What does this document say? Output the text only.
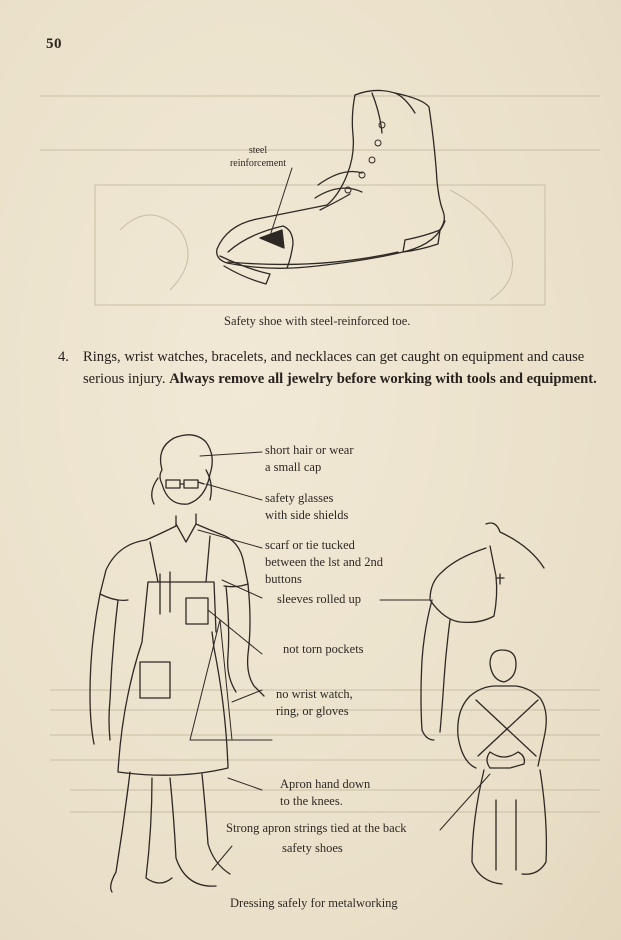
50
steel
reinforcement
Safety shoe with steel-reinforced toe.
4. Rings, wrist watches, bracelets, and necklaces can get caught on equipment and cause serious injury. Always remove all jewelry before working with tools and equipment.
short hair or wear
a small cap
safety glasses
with side shields
scarf or tie tucked
between the lst and 2nd
buttons
sleeves rolled up
not torn pockets
no wrist watch,
ring, or gloves
Apron hand down
to the knees.
Strong apron strings tied at the back
safety shoes
Dressing safely for metalworking
